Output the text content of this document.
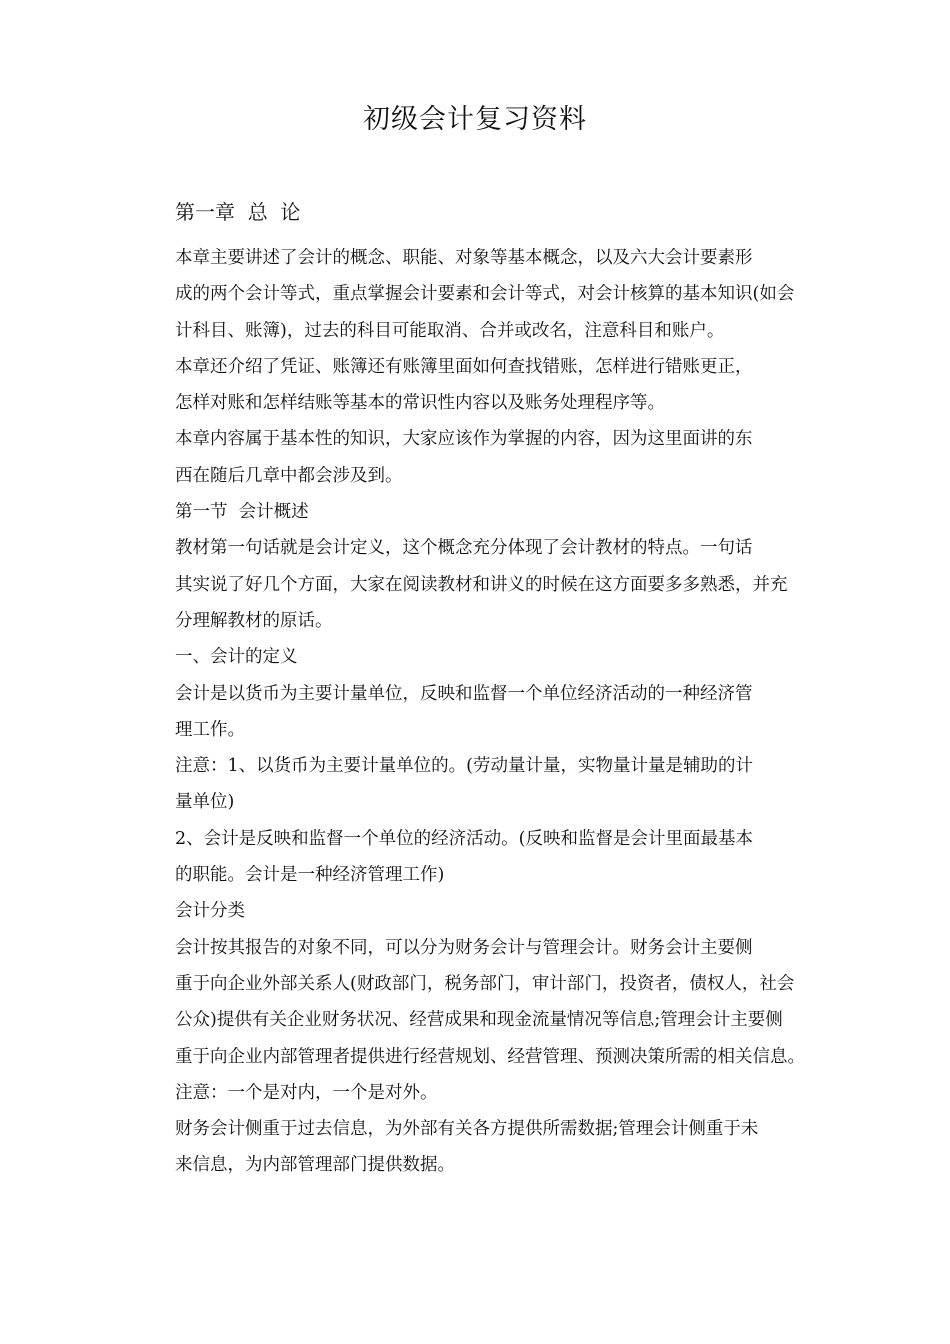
初级会计复习资料
第一章  总  论
本章主要讲述了会计的概念、职能、对象等基本概念，以及六大会计要素形
成的两个会计等式，重点掌握会计要素和会计等式，对会计核算的基本知识(如会
计科目、账簿)，过去的科目可能取消、合并或改名，注意科目和账户。
本章还介绍了凭证、账簿还有账簿里面如何查找错账，怎样进行错账更正，
怎样对账和怎样结账等基本的常识性内容以及账务处理程序等。
本章内容属于基本性的知识，大家应该作为掌握的内容，因为这里面讲的东
西在随后几章中都会涉及到。
第一节  会计概述
教材第一句话就是会计定义，这个概念充分体现了会计教材的特点。一句话
其实说了好几个方面，大家在阅读教材和讲义的时候在这方面要多多熟悉，并充
分理解教材的原话。
一、会计的定义
会计是以货币为主要计量单位，反映和监督一个单位经济活动的一种经济管
理工作。
注意：1、以货币为主要计量单位的。(劳动量计量，实物量计量是辅助的计
量单位)
2、会计是反映和监督一个单位的经济活动。(反映和监督是会计里面最基本
的职能。会计是一种经济管理工作)
会计分类
会计按其报告的对象不同，可以分为财务会计与管理会计。财务会计主要侧
重于向企业外部关系人(财政部门，税务部门，审计部门，投资者，债权人，社会
公众)提供有关企业财务状况、经营成果和现金流量情况等信息;管理会计主要侧
重于向企业内部管理者提供进行经营规划、经营管理、预测决策所需的相关信息。
注意：一个是对内，一个是对外。
财务会计侧重于过去信息，为外部有关各方提供所需数据;管理会计侧重于未
来信息，为内部管理部门提供数据。
